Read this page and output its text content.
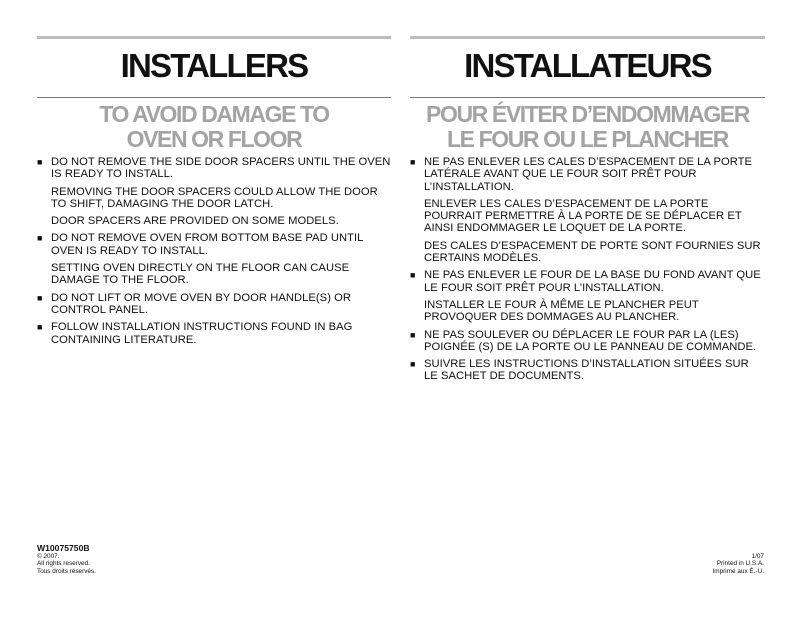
INSTALLERS
TO AVOID DAMAGE TO
OVEN OR FLOOR
■ DO NOT REMOVE THE SIDE DOOR SPACERS UNTIL THE OVEN IS READY TO INSTALL.

REMOVING THE DOOR SPACERS COULD ALLOW THE DOOR TO SHIFT, DAMAGING THE DOOR LATCH.

DOOR SPACERS ARE PROVIDED ON SOME MODELS.

■ DO NOT REMOVE OVEN FROM BOTTOM BASE PAD UNTIL OVEN IS READY TO INSTALL.

SETTING OVEN DIRECTLY ON THE FLOOR CAN CAUSE DAMAGE TO THE FLOOR.

■ DO NOT LIFT OR MOVE OVEN BY DOOR HANDLE(S) OR CONTROL PANEL.

■ FOLLOW INSTALLATION INSTRUCTIONS FOUND IN BAG CONTAINING LITERATURE.

INSTALLATEURS
POUR ÉVITER D’ENDOMMAGER
LE FOUR OU LE PLANCHER
■ NE PAS ENLEVER LES CALES D’ESPACEMENT DE LA PORTE LATÉRALE AVANT QUE LE FOUR SOIT PRÊT POUR L’INSTALLATION.

ENLEVER LES CALES D’ESPACEMENT DE LA PORTE POURRAIT PERMETTRE À LA PORTE DE SE DÉPLACER ET AINSI ENDOMMAGER LE LOQUET DE LA PORTE.

DES CALES D’ESPACEMENT DE PORTE SONT FOURNIES SUR CERTAINS MODÈLES.

■ NE PAS ENLEVER LE FOUR DE LA BASE DU FOND AVANT QUE LE FOUR SOIT PRÊT POUR L’INSTALLATION.

INSTALLER LE FOUR À MÊME LE PLANCHER PEUT PROVOQUER DES DOMMAGES AU PLANCHER.

■ NE PAS SOULEVER OU DÉPLACER LE FOUR PAR LA (LES) POIGNÉE (S) DE LA PORTE OU LE PANNEAU DE COMMANDE.

■ SUIVRE LES INSTRUCTIONS D’INSTALLATION SITUÉES SUR LE SACHET DE DOCUMENTS.

W10075750B
© 2007.
All rights reserved.
Tous droits réservés.
1/07
Printed in U.S.A.
Imprimé aux É.-U.
